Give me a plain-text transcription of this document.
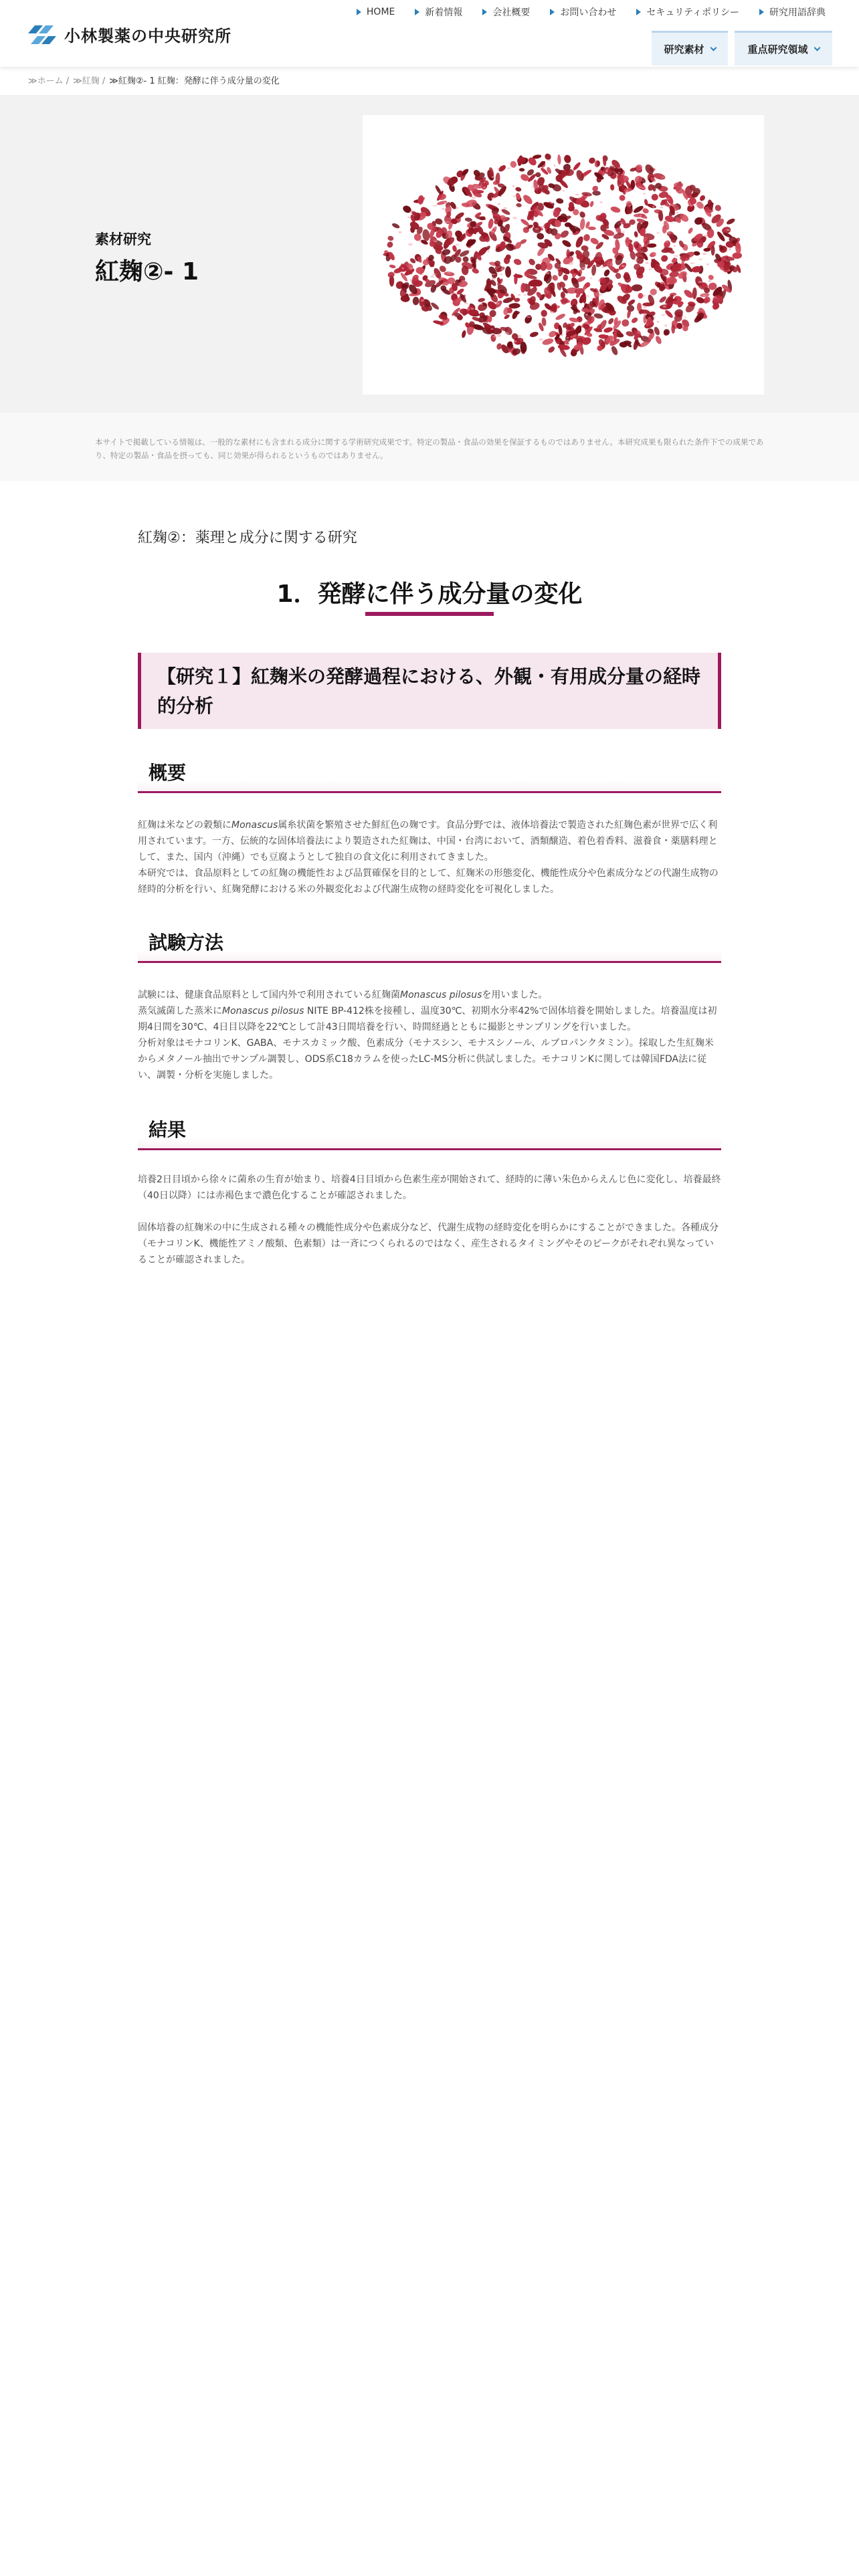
小林製薬の中央研究所
HOME	新着情報	会社概要	お問い合わせ	セキュリティポリシー	研究用語辞典
研究素材	重点研究領域
≫ホーム / ≫紅麹 / ≫紅麹②- 1 紅麹：発酵に伴う成分量の変化
素材研究
紅麹②- 1

本サイトで掲載している情報は、一般的な素材にも含まれる成分に関する学術研究成果です。特定の製品・食品の効果を保証するものではありません。本研究成果も限られた条件下での成果であり、特定の製品・食品を摂っても、同じ効果が得られるというものではありません。

紅麹②：薬理と成分に関する研究
1．発酵に伴う成分量の変化
【研究１】紅麹米の発酵過程における、外観・有用成分量の経時的分析
概要

紅麹は米などの穀類にMonascus属糸状菌を繁殖させた鮮紅色の麹です。食品分野では、液体培養法で製造された紅麹色素が世界で広く利用されています。一方、伝統的な固体培養法により製造された紅麹は、中国・台湾において、酒類醸造、着色着香料、滋養食・薬膳料理として、また、国内（沖縄）でも豆腐ようとして独自の食文化に利用されてきました。

本研究では、食品原料としての紅麹の機能性および品質確保を目的として、紅麹米の形態変化、機能性成分や色素成分などの代謝生成物の経時的分析を行い、紅麹発酵における米の外観変化および代謝生成物の経時変化を可視化しました。

試験方法

試験には、健康食品原料として国内外で利用されている紅麹菌Monascus pilosusを用いました。

蒸気滅菌した蒸米にMonascus pilosus NITE BP-412株を接種し、温度30℃、初期水分率42%で固体培養を開始しました。培養温度は初期4日間を30℃、4日目以降を22℃として計43日間培養を行い、時間経過とともに撮影とサンプリングを行いました。

分析対象はモナコリンK、GABA、モナスカミック酸、色素成分（モナスシン、モナスシノール、ルブロパンクタミン）。採取した生紅麹米からメタノール抽出でサンプル調製し、ODS系C18カラムを使ったLC-MS分析に供試しました。モナコリンKに関しては韓国FDA法に従い、調製・分析を実施しました。

結果

培養2日目頃から徐々に菌糸の生育が始まり、培養4日目頃から色素生産が開始されて、経時的に薄い朱色からえんじ色に変化し、培養最終（40日以降）には赤褐色まで濃色化することが確認されました。

固体培養の紅麹米の中に生成される種々の機能性成分や色素成分など、代謝生成物の経時変化を明らかにすることができました。各種成分（モナコリンK、機能性アミノ酸類、色素類）は一斉につくられるのではなく、産生されるタイミングやそのピークがそれぞれ異なっていることが確認されました。
